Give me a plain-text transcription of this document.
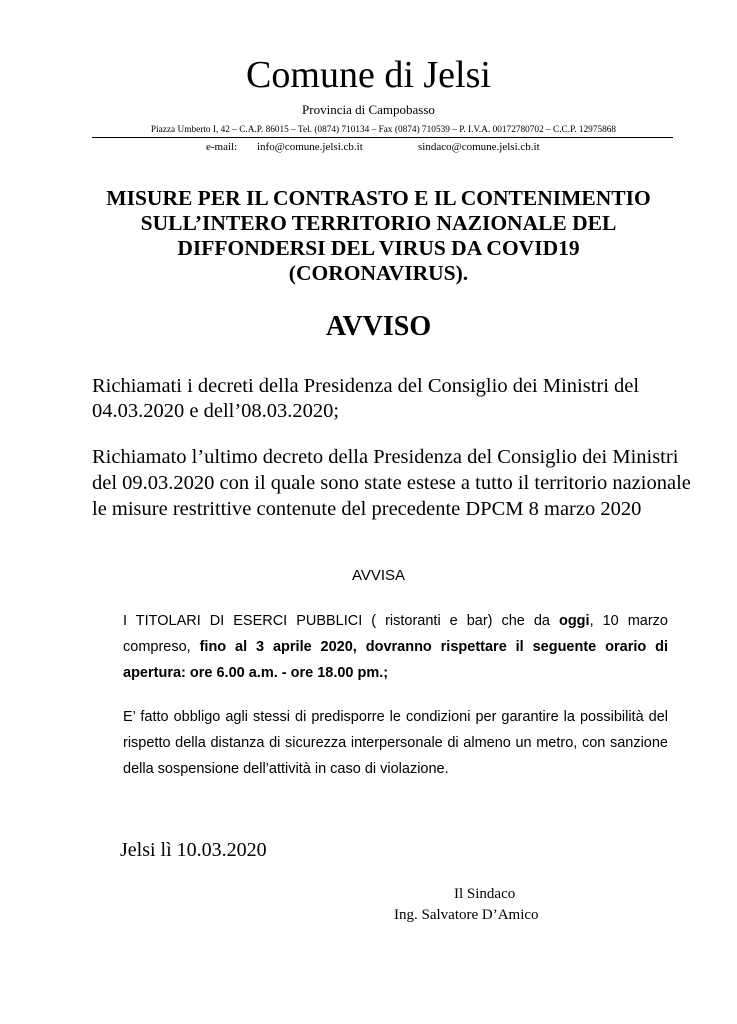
Comune di Jelsi
Provincia di Campobasso
Piazza Umberto I, 42 – C.A.P. 86015 – Tel. (0874) 710134 – Fax (0874) 710539 – P. I.V.A. 00172780702 – C.C.P. 12975868
e-mail: info@comune.jelsi.cb.it	sindaco@comune.jelsi.cb.it
MISURE PER IL CONTRASTO E IL CONTENIMENTIO
SULL’INTERO TERRITORIO NAZIONALE DEL
DIFFONDERSI DEL VIRUS DA COVID19
(CORONAVIRUS).
AVVISO
Richiamati i decreti della Presidenza del Consiglio dei Ministri del 04.03.2020 e dell’08.03.2020;
Richiamato l’ultimo decreto della Presidenza del Consiglio dei Ministri del 09.03.2020 con il quale sono state estese a tutto il territorio nazionale le misure restrittive contenute del precedente DPCM 8 marzo 2020
AVVISA
I TITOLARI DI ESERCI PUBBLICI ( ristoranti e bar) che da oggi, 10 marzo compreso, fino al 3 aprile 2020, dovranno rispettare il seguente orario di apertura: ore 6.00 a.m. - ore 18.00 pm.;
E’ fatto obbligo agli stessi di predisporre le condizioni per garantire la possibilità del rispetto della distanza di sicurezza interpersonale di almeno un metro, con sanzione della sospensione dell’attività in caso di violazione.
Jelsi lì 10.03.2020
Il Sindaco
Ing. Salvatore D’Amico
